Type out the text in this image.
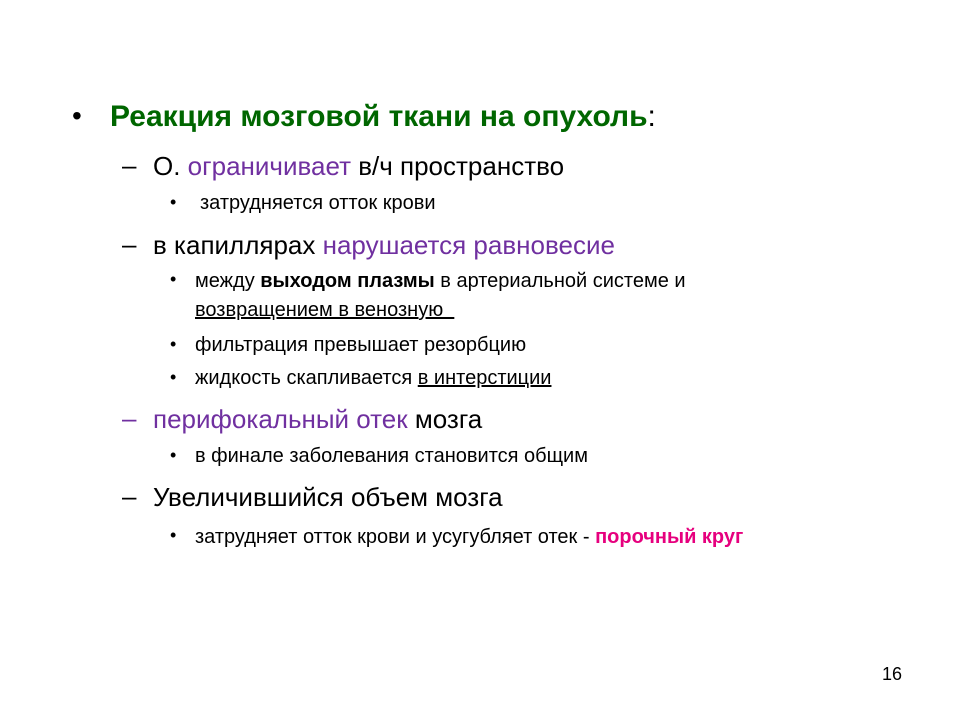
• Реакция мозговой ткани на опухоль:
– О. ограничивает в/ч пространство
• затрудняется отток крови
– в капиллярах нарушается равновесие
• между выходом плазмы в артериальной системе и
возвращением в венозную
• фильтрация превышает резорбцию
• жидкость скапливается в интерстиции
– перифокальный отек мозга
• в финале заболевания становится общим
– Увеличившийся объем мозга
• затрудняет отток крови и усугубляет отек - порочный круг
16
